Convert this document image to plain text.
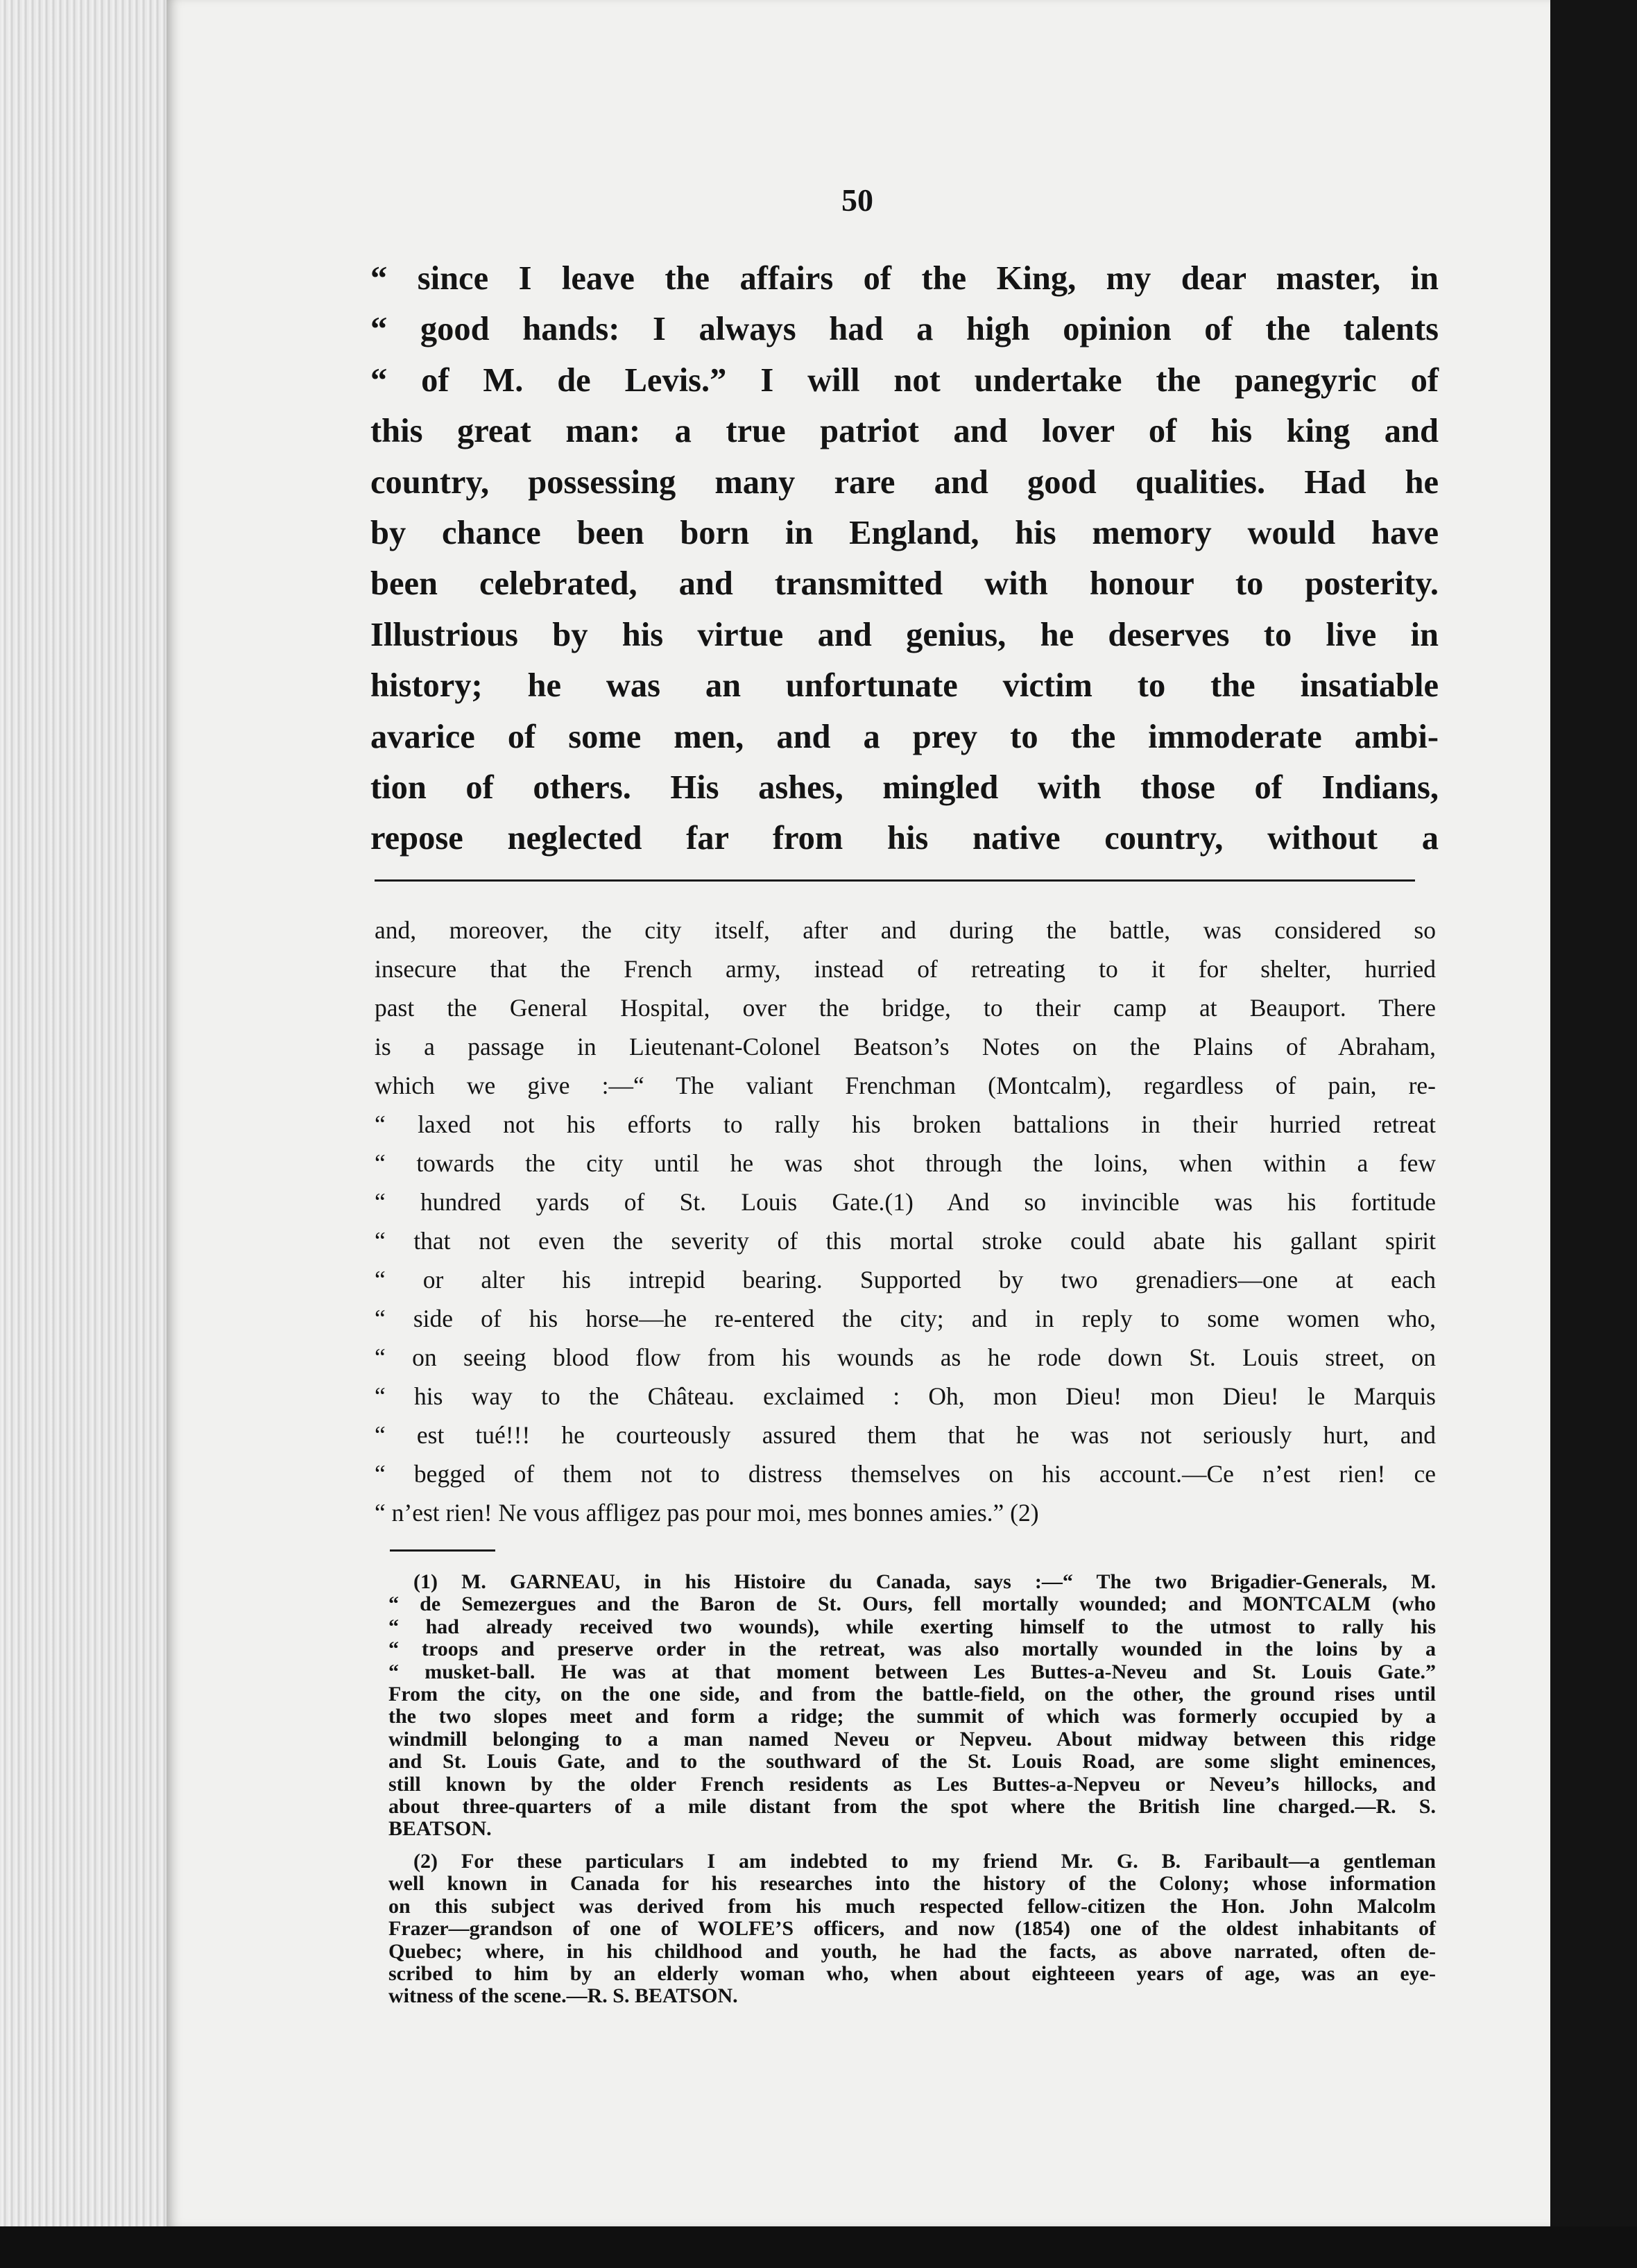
50
“ since I leave the affairs of the King, my dear master, in
“ good hands: I always had a high opinion of the talents
“ of M. de Levis.” I will not undertake the panegyric of
this great man: a true patriot and lover of his king and
country, possessing many rare and good qualities. Had he
by chance been born in England, his memory would have
been celebrated, and transmitted with honour to posterity.
Illustrious by his virtue and genius, he deserves to live in
history; he was an unfortunate victim to the insatiable
avarice of some men, and a prey to the immoderate ambi-
tion of others. His ashes, mingled with those of Indians,
repose neglected far from his native country, without a
and, moreover, the city itself, after and during the battle, was considered so
insecure that the French army, instead of retreating to it for shelter, hurried
past the General Hospital, over the bridge, to their camp at Beauport. There
is a passage in Lieutenant-Colonel Beatson’s Notes on the Plains of Abraham,
which we give :—“ The valiant Frenchman (Montcalm), regardless of pain, re-
“ laxed not his efforts to rally his broken battalions in their hurried retreat
“ towards the city until he was shot through the loins, when within a few
“ hundred yards of St. Louis Gate.(1) And so invincible was his fortitude
“ that not even the severity of this mortal stroke could abate his gallant spirit
“ or alter his intrepid bearing. Supported by two grenadiers—one at each
“ side of his horse—he re-entered the city; and in reply to some women who,
“ on seeing blood flow from his wounds as he rode down St. Louis street, on
“ his way to the Château. exclaimed : Oh, mon Dieu! mon Dieu! le Marquis
“ est tué!!! he courteously assured them that he was not seriously hurt, and
“ begged of them not to distress themselves on his account.—Ce n’est rien! ce
“ n’est rien! Ne vous affligez pas pour moi, mes bonnes amies.” (2)
(1) M. GARNEAU, in his Histoire du Canada, says :—“ The two Brigadier-Generals, M.
“ de Semezergues and the Baron de St. Ours, fell mortally wounded; and MONTCALM (who
“ had already received two wounds), while exerting himself to the utmost to rally his
“ troops and preserve order in the retreat, was also mortally wounded in the loins by a
“ musket-ball. He was at that moment between Les Buttes-a-Neveu and St. Louis Gate.”
From the city, on the one side, and from the battle-field, on the other, the ground rises until
the two slopes meet and form a ridge; the summit of which was formerly occupied by a
windmill belonging to a man named Neveu or Nepveu. About midway between this ridge
and St. Louis Gate, and to the southward of the St. Louis Road, are some slight eminences,
still known by the older French residents as Les Buttes-a-Nepveu or Neveu’s hillocks, and
about three-quarters of a mile distant from the spot where the British line charged.—R. S.
BEATSON.
(2) For these particulars I am indebted to my friend Mr. G. B. Faribault—a gentleman
well known in Canada for his researches into the history of the Colony; whose information
on this subject was derived from his much respected fellow-citizen the Hon. John Malcolm
Frazer—grandson of one of WOLFE’S officers, and now (1854) one of the oldest inhabitants of
Quebec; where, in his childhood and youth, he had the facts, as above narrated, often de-
scribed to him by an elderly woman who, when about eighteeen years of age, was an eye-
witness of the scene.—R. S. BEATSON.
